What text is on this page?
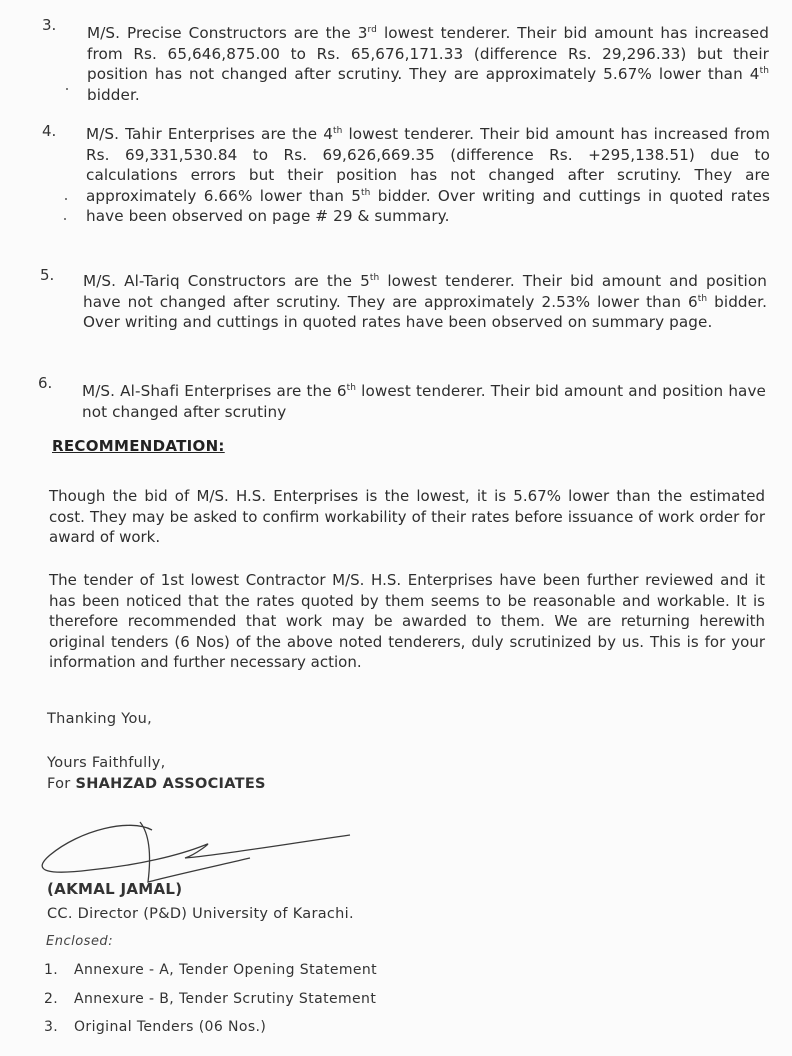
3. M/S. Precise Constructors are the 3rd lowest tenderer. Their bid amount has increased from Rs. 65,646,875.00 to Rs. 65,676,171.33 (difference Rs. 29,296.33) but their position has not changed after scrutiny. They are approximately 5.67% lower than 4th bidder.
4. M/S. Tahir Enterprises are the 4th lowest tenderer. Their bid amount has increased from Rs. 69,331,530.84 to Rs. 69,626,669.35 (difference Rs. +295,138.51) due to calculations errors but their position has not changed after scrutiny. They are approximately 6.66% lower than 5th bidder. Over writing and cuttings in quoted rates have been observed on page # 29 & summary.
5. M/S. Al-Tariq Constructors are the 5th lowest tenderer. Their bid amount and position have not changed after scrutiny. They are approximately 2.53% lower than 6th bidder. Over writing and cuttings in quoted rates have been observed on summary page.
6. M/S. Al-Shafi Enterprises are the 6th lowest tenderer. Their bid amount and position have not changed after scrutiny
RECOMMENDATION:
Though the bid of M/S. H.S. Enterprises is the lowest, it is 5.67% lower than the estimated cost. They may be asked to confirm workability of their rates before issuance of work order for award of work.
The tender of 1st lowest Contractor M/S. H.S. Enterprises have been further reviewed and it has been noticed that the rates quoted by them seems to be reasonable and workable. It is therefore recommended that work may be awarded to them. We are returning herewith original tenders (6 Nos) of the above noted tenderers, duly scrutinized by us. This is for your information and further necessary action.
Thanking You,
Yours Faithfully,
For SHAHZAD ASSOCIATES
(AKMAL JAMAL)
CC. Director (P&D) University of Karachi.
Enclosed:
1. Annexure - A, Tender Opening Statement
2. Annexure - B, Tender Scrutiny Statement
3. Original Tenders (06 Nos.)
